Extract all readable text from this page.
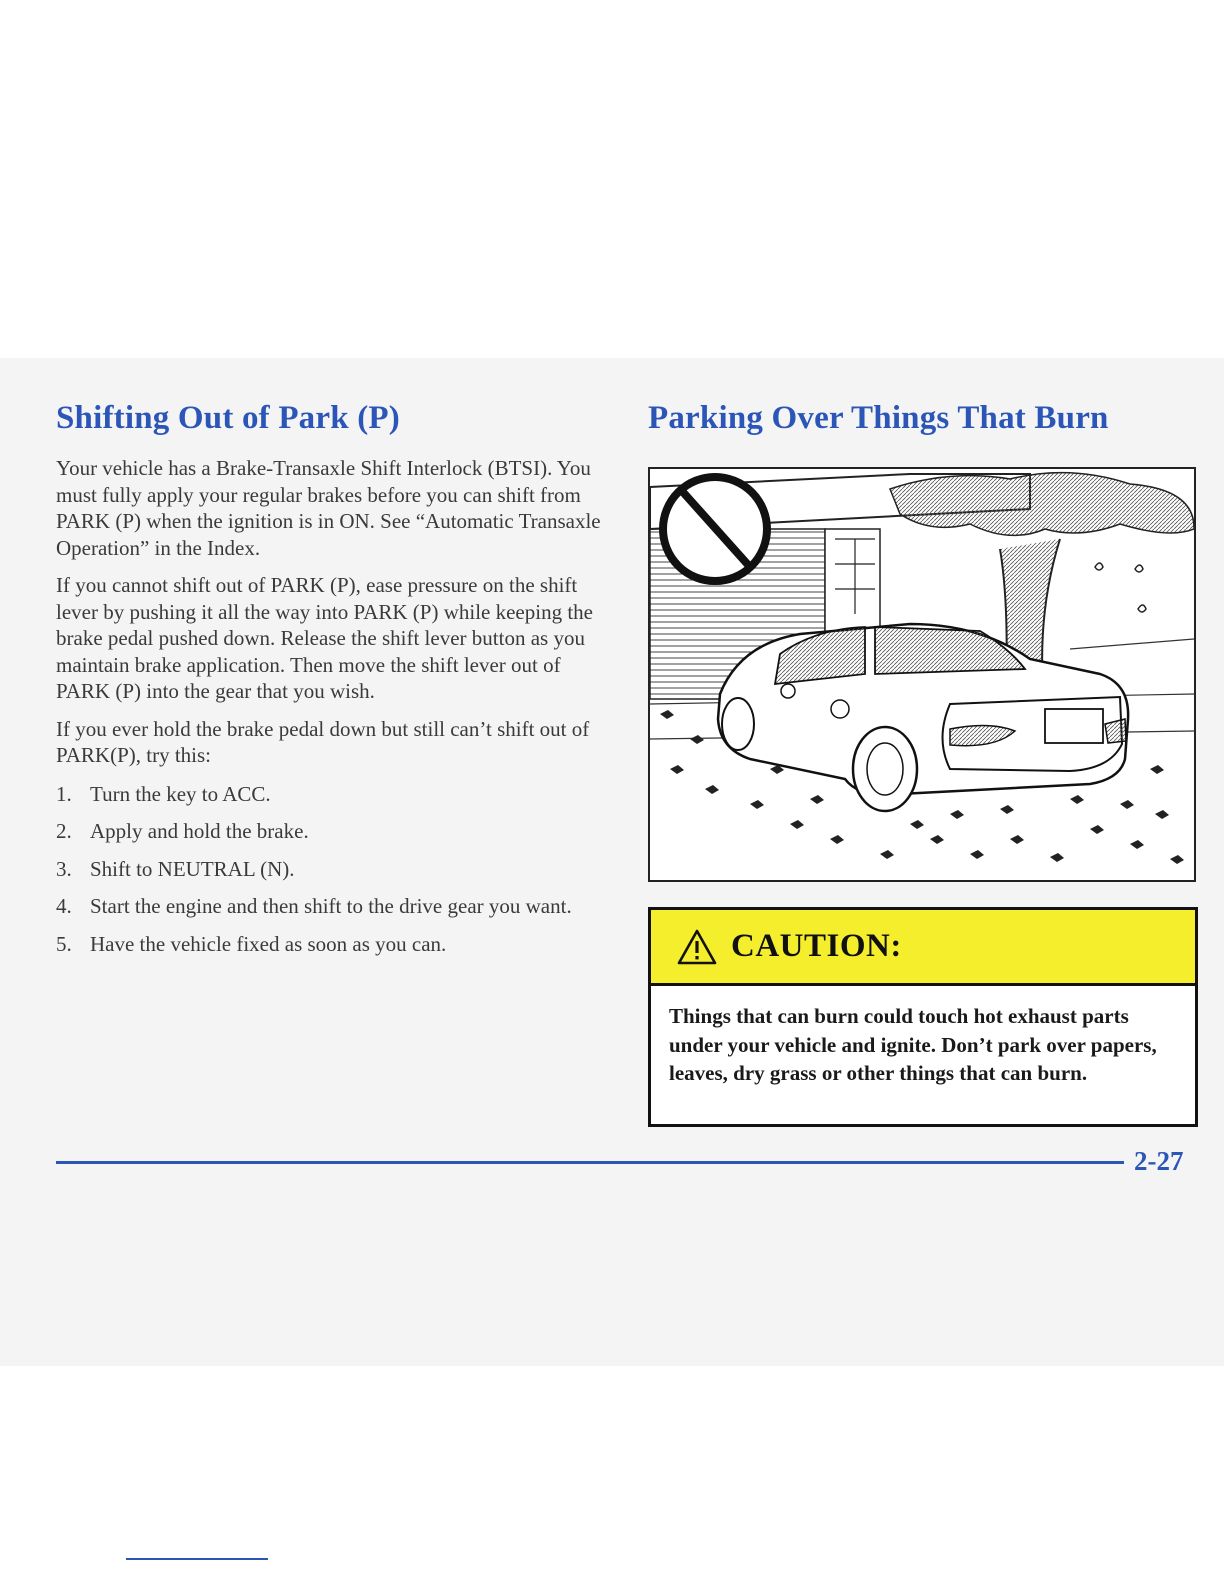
Shifting Out of Park (P)

Your vehicle has a Brake-Transaxle Shift Interlock (BTSI). You must fully apply your regular brakes before you can shift from PARK (P) when the ignition is in ON. See “Automatic Transaxle Operation” in the Index.

If you cannot shift out of PARK (P), ease pressure on the shift lever by pushing it all the way into PARK (P) while keeping the brake pedal pushed down. Release the shift lever button as you maintain brake application. Then move the shift lever out of PARK (P) into the gear that you wish.

If you ever hold the brake pedal down but still can’t shift out of PARK(P), try this:

1. Turn the key to ACC.
2. Apply and hold the brake.
3. Shift to NEUTRAL (N).
4. Start the engine and then shift to the drive gear you want.
5. Have the vehicle fixed as soon as you can.
Parking Over Things That Burn
CAUTION:
Things that can burn could touch hot exhaust parts under your vehicle and ignite. Don’t park over papers, leaves, dry grass or other things that can burn.
2-27
